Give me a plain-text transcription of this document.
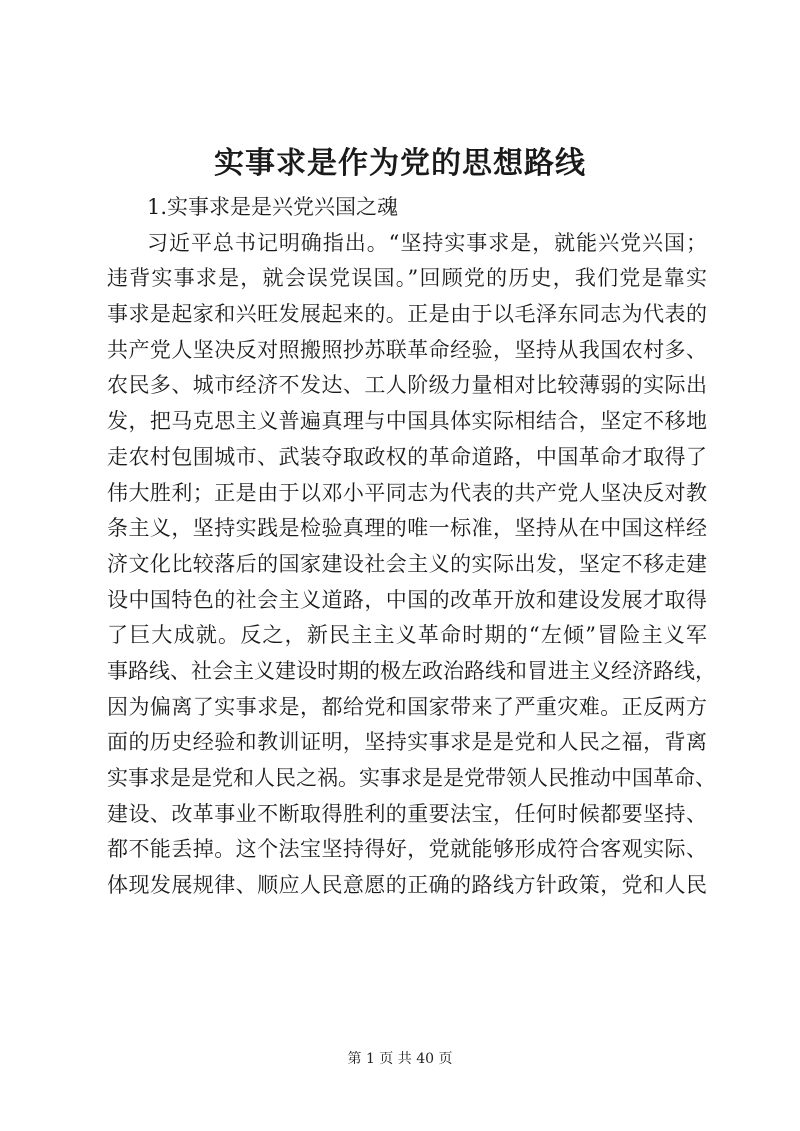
实事求是作为党的思想路线
1.实事求是是兴党兴国之魂
习近平总书记明确指出。“坚持实事求是，就能兴党兴国；
违背实事求是，就会误党误国。”回顾党的历史，我们党是靠实
事求是起家和兴旺发展起来的。正是由于以毛泽东同志为代表的
共产党人坚决反对照搬照抄苏联革命经验，坚持从我国农村多、
农民多、城市经济不发达、工人阶级力量相对比较薄弱的实际出
发，把马克思主义普遍真理与中国具体实际相结合，坚定不移地
走农村包围城市、武装夺取政权的革命道路，中国革命才取得了
伟大胜利；正是由于以邓小平同志为代表的共产党人坚决反对教
条主义，坚持实践是检验真理的唯一标准，坚持从在中国这样经
济文化比较落后的国家建设社会主义的实际出发，坚定不移走建
设中国特色的社会主义道路，中国的改革开放和建设发展才取得
了巨大成就。反之，新民主主义革命时期的“左倾”冒险主义军
事路线、社会主义建设时期的极左政治路线和冒进主义经济路线，
因为偏离了实事求是，都给党和国家带来了严重灾难。正反两方
面的历史经验和教训证明，坚持实事求是是党和人民之福，背离
实事求是是党和人民之祸。实事求是是党带领人民推动中国革命、
建设、改革事业不断取得胜利的重要法宝，任何时候都要坚持、
都不能丢掉。这个法宝坚持得好，党就能够形成符合客观实际、
体现发展规律、顺应人民意愿的正确的路线方针政策，党和人民
第 1 页 共 40 页
